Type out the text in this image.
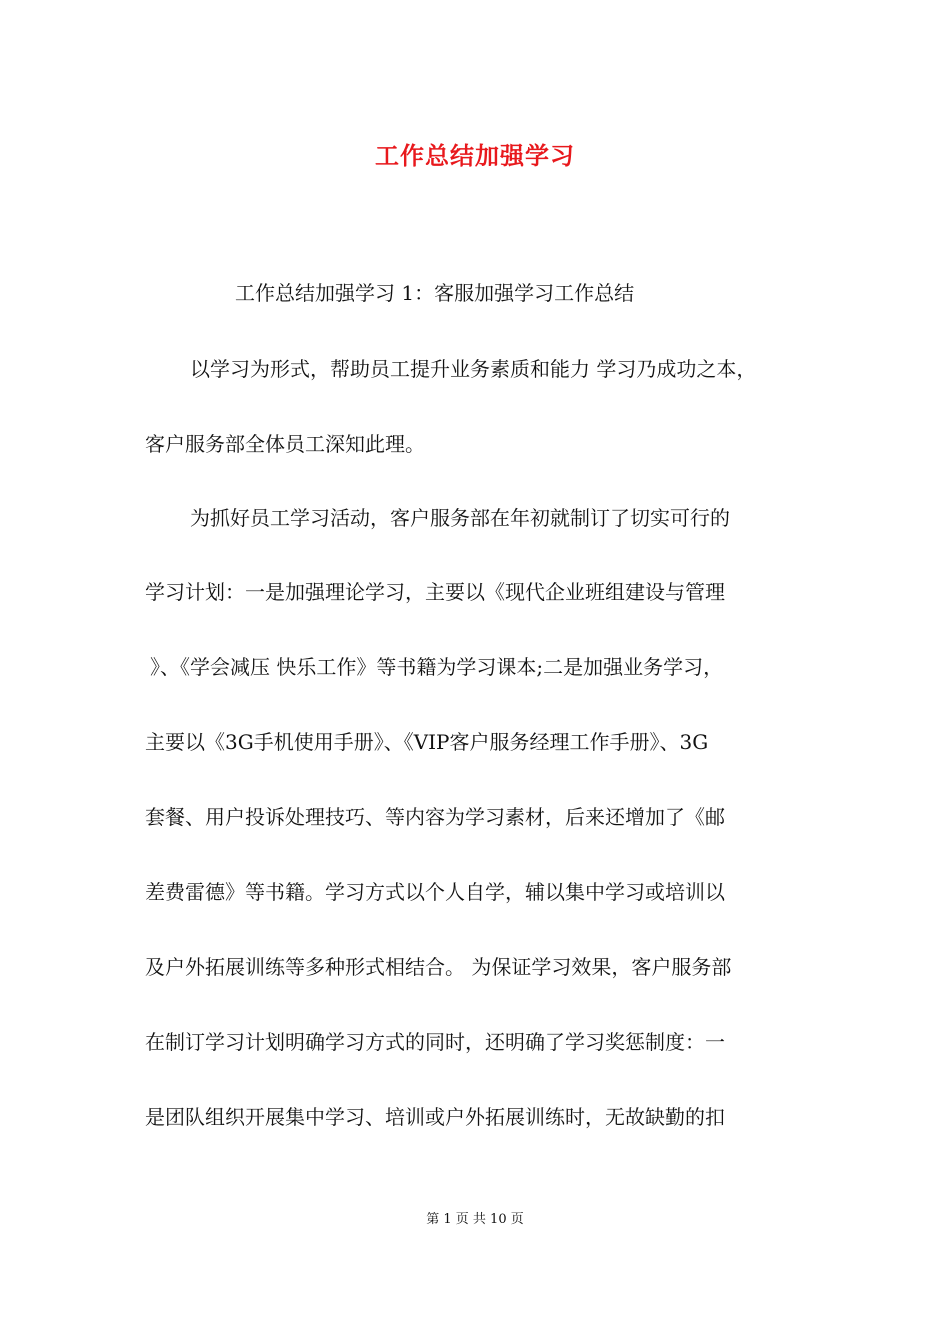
工作总结加强学习
工作总结加强学习 1：客服加强学习工作总结
以学习为形式，帮助员工提升业务素质和能力 学习乃成功之本，
客户服务部全体员工深知此理。
为抓好员工学习活动，客户服务部在年初就制订了切实可行的
学习计划：一是加强理论学习，主要以《现代企业班组建设与管理
》、《学会减压 快乐工作》等书籍为学习课本;二是加强业务学习，
主要以《3G手机使用手册》、《VIP客户服务经理工作手册》、3G
套餐、用户投诉处理技巧、等内容为学习素材，后来还增加了《邮
差费雷德》等书籍。学习方式以个人自学，辅以集中学习或培训以
及户外拓展训练等多种形式相结合。 为保证学习效果，客户服务部
在制订学习计划明确学习方式的同时，还明确了学习奖惩制度：一
是团队组织开展集中学习、培训或户外拓展训练时，无故缺勤的扣
第 1 页 共 10 页
